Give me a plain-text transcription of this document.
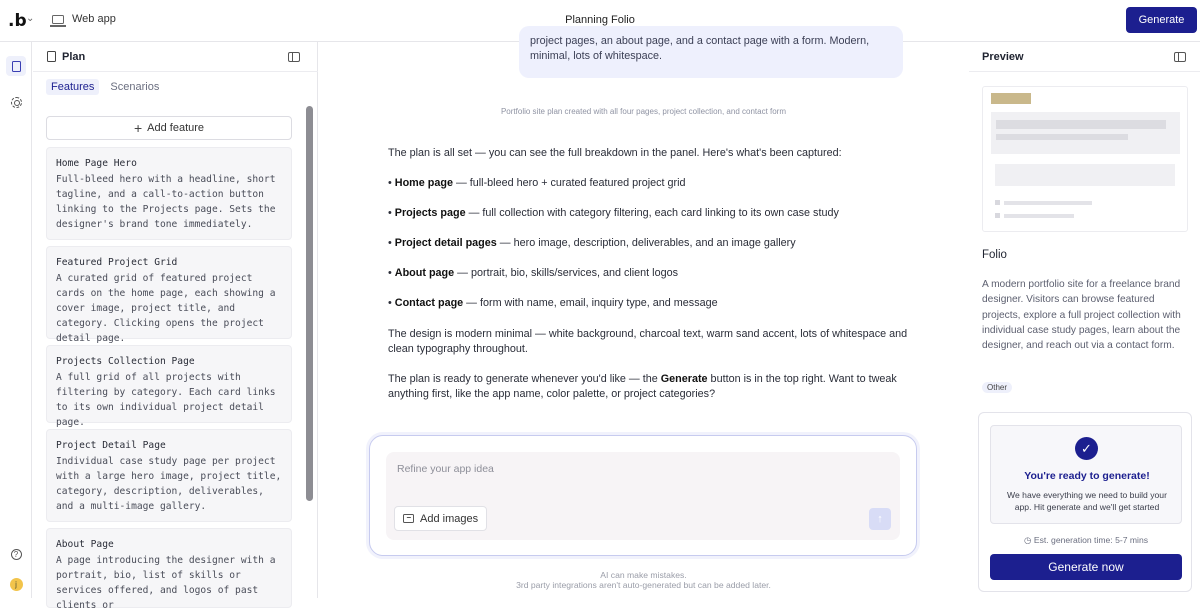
.b ⌄	Web app	Planning Folio	Generate
?
j
Plan
Features	Scenarios
+ Add feature
Home Page Hero
Full-bleed hero with a headline, short tagline, and a call-to-action button linking to the Projects page. Sets the designer's brand tone immediately.
Featured Project Grid
A curated grid of featured project cards on the home page, each showing a cover image, project title, and category. Clicking opens the project detail page.
Projects Collection Page
A full grid of all projects with filtering by category. Each card links to its own individual project detail page.
Project Detail Page
Individual case study page per project with a large hero image, project title, category, description, deliverables, and a multi-image gallery.
About Page
A page introducing the designer with a portrait, bio, list of skills or services offered, and logos of past clients or
project pages, an about page, and a contact page with a form. Modern, minimal, lots of whitespace.
Portfolio site plan created with all four pages, project collection, and contact form
The plan is all set — you can see the full breakdown in the panel. Here's what's been captured:
• Home page — full-bleed hero + curated featured project grid
• Projects page — full collection with category filtering, each card linking to its own case study
• Project detail pages — hero image, description, deliverables, and an image gallery
• About page — portrait, bio, skills/services, and client logos
• Contact page — form with name, email, inquiry type, and message
The design is modern minimal — white background, charcoal text, warm sand accent, lots of whitespace and clean typography throughout.
The plan is ready to generate whenever you'd like — the Generate button is in the top right. Want to tweak anything first, like the app name, color palette, or project categories?
Refine your app idea
Add images	↑
AI can make mistakes.
3rd party integrations aren't auto-generated but can be added later.
Preview
Folio
A modern portfolio site for a freelance brand designer. Visitors can browse featured projects, explore a full project collection with individual case study pages, learn about the designer, and reach out via a contact form.
Other
✓
You're ready to generate!
We have everything we need to build your app. Hit generate and we'll get started
◷ Est. generation time: 5-7 mins
Generate now
